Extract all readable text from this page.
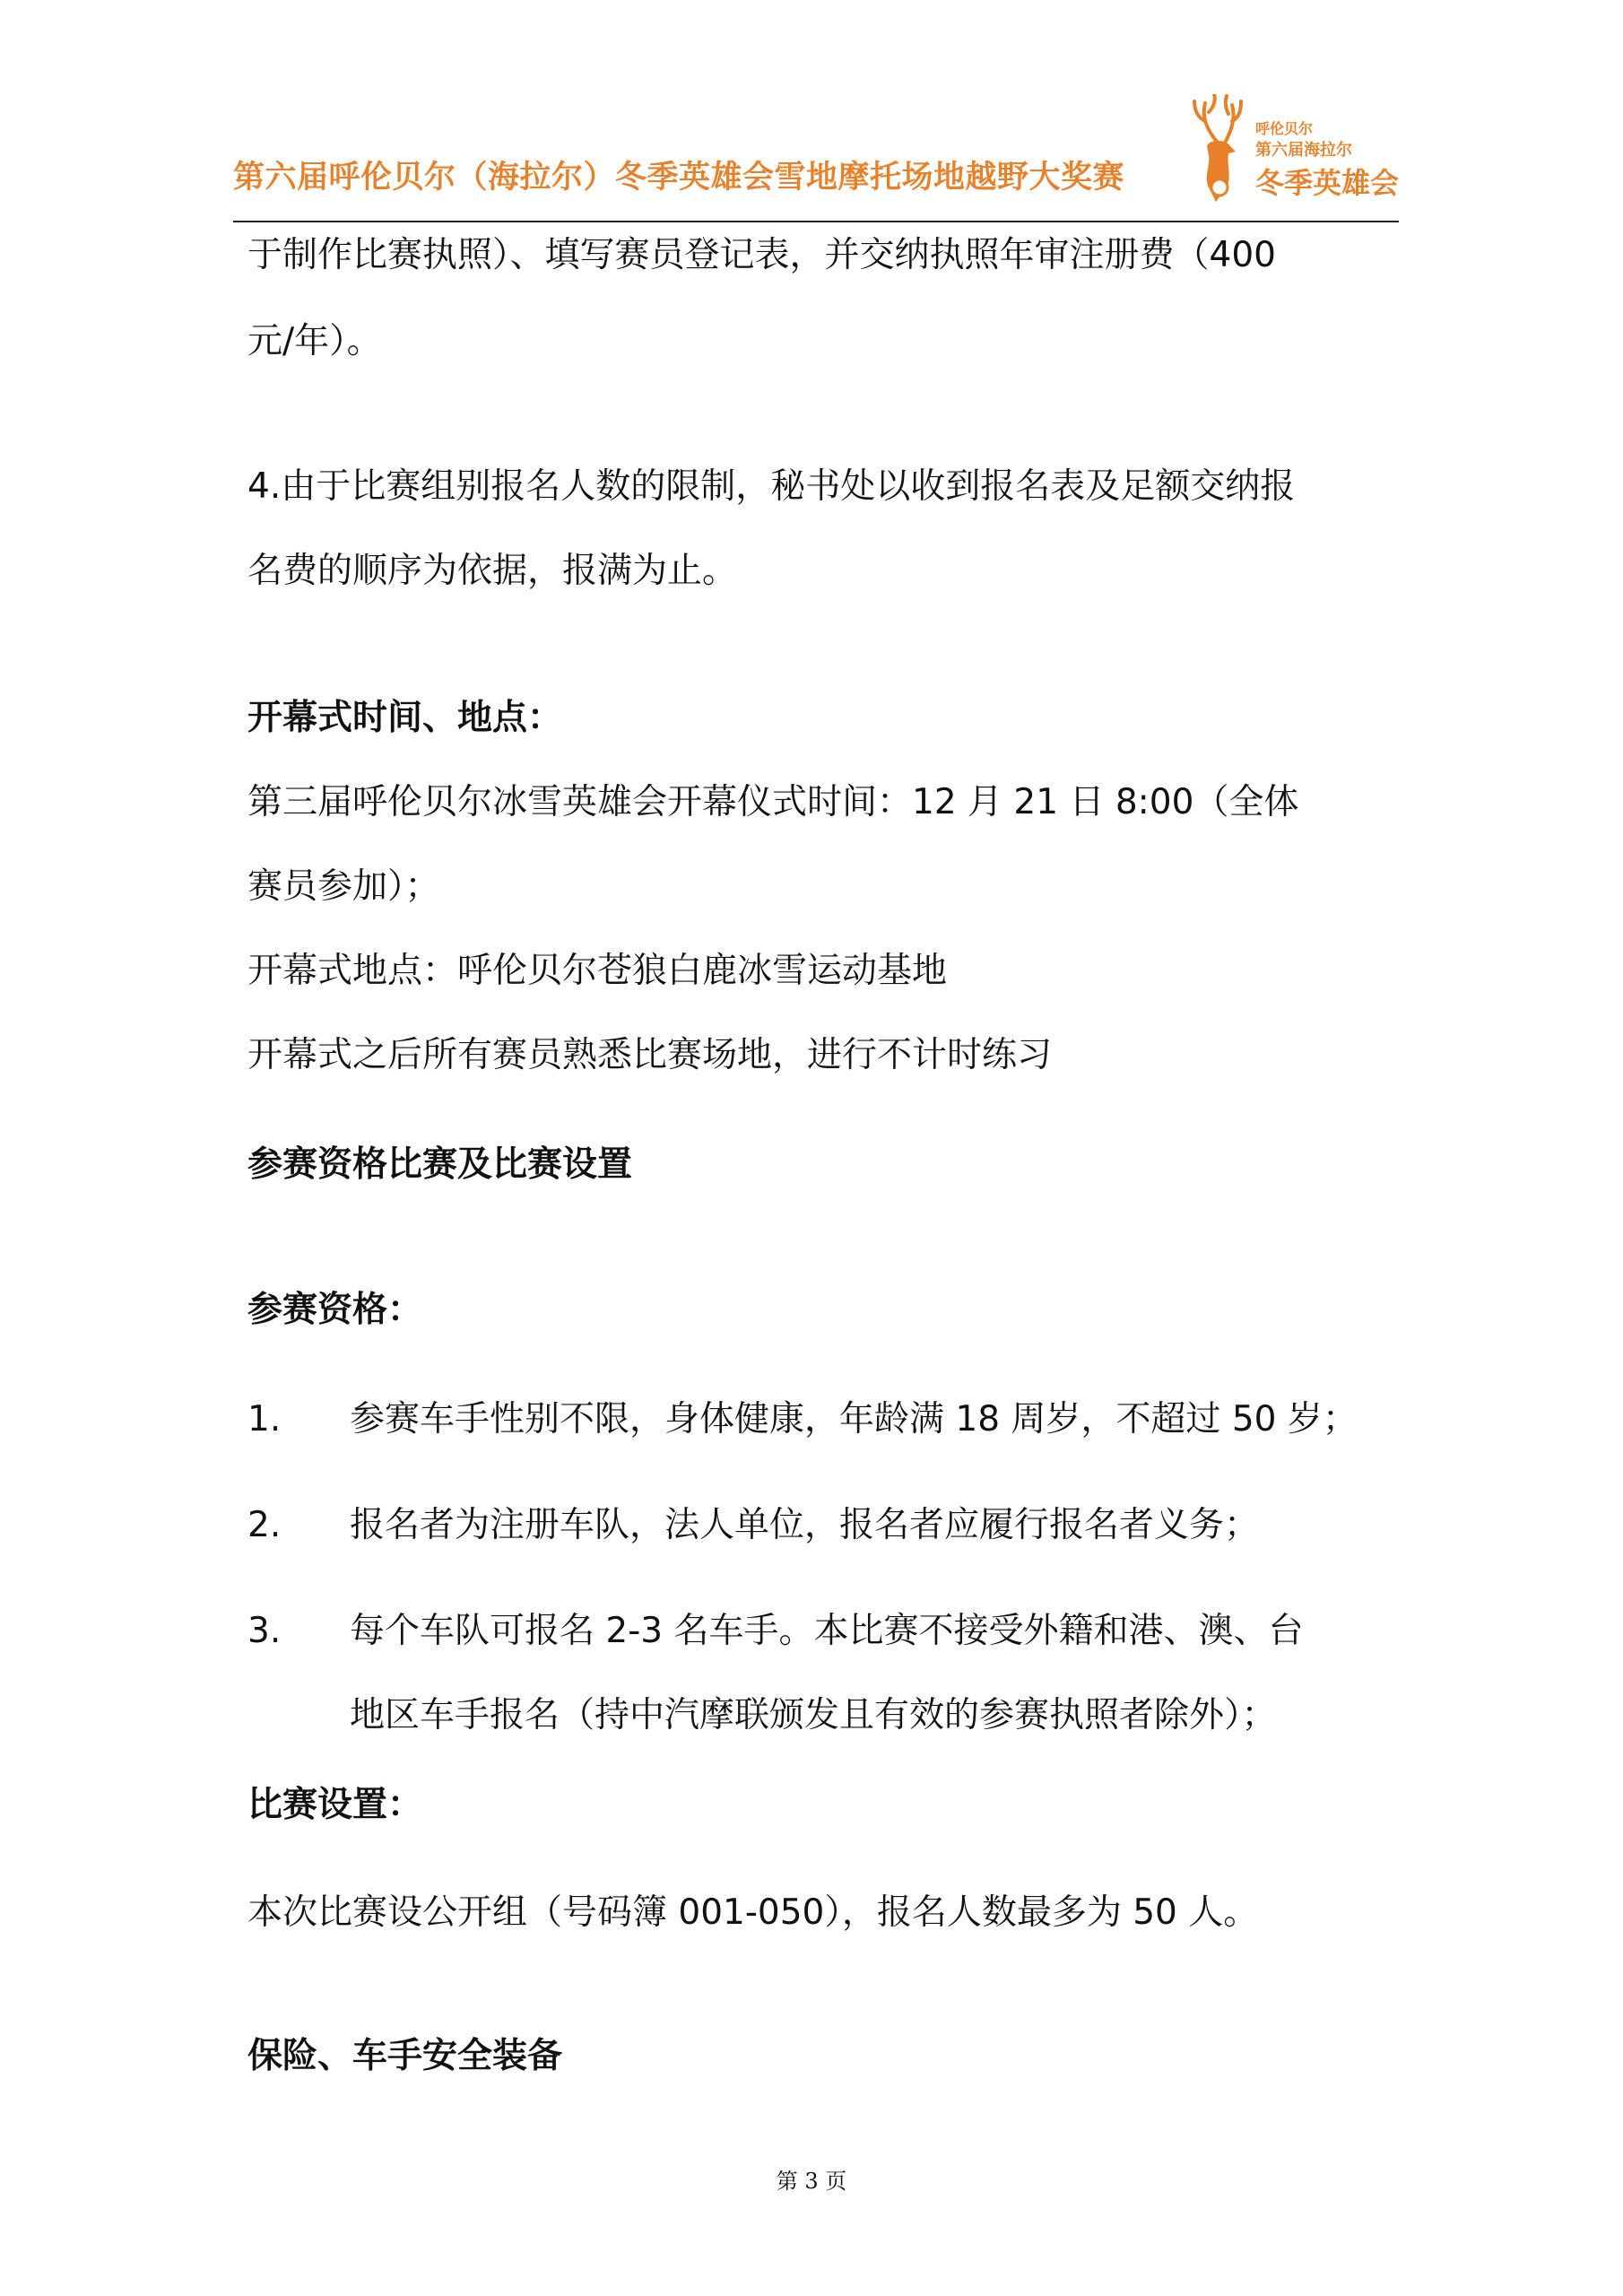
第六届呼伦贝尔（海拉尔）冬季英雄会雪地摩托场地越野大奖赛
呼伦贝尔
第六届海拉尔
冬季英雄会
于制作比赛执照）、填写赛员登记表，并交纳执照年审注册费（400
元/年）。
4.由于比赛组别报名人数的限制，秘书处以收到报名表及足额交纳报
名费的顺序为依据，报满为止。
开幕式时间、地点：
第三届呼伦贝尔冰雪英雄会开幕仪式时间：12 月 21 日 8:00（全体
赛员参加）；
开幕式地点：呼伦贝尔苍狼白鹿冰雪运动基地
开幕式之后所有赛员熟悉比赛场地，进行不计时练习
参赛资格比赛及比赛设置
参赛资格：
1. 参赛车手性别不限，身体健康，年龄满 18 周岁，不超过 50 岁；
2. 报名者为注册车队，法人单位，报名者应履行报名者义务；
3. 每个车队可报名 2-3 名车手。本比赛不接受外籍和港、澳、台
地区车手报名（持中汽摩联颁发且有效的参赛执照者除外）；
比赛设置：
本次比赛设公开组（号码簿 001-050），报名人数最多为 50 人。
保险、车手安全装备
第 3 页
